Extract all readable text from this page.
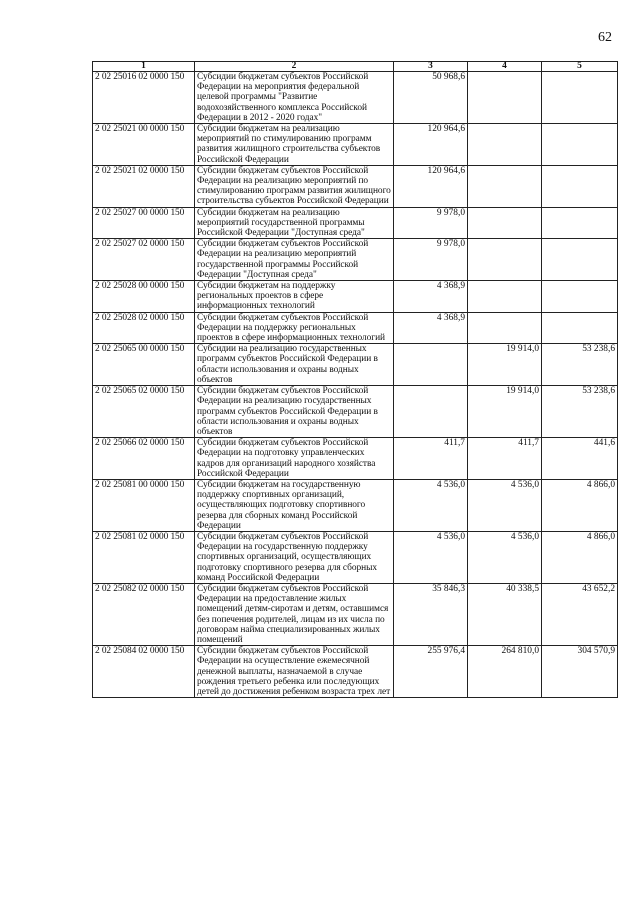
62
1	2	3	4	5
2 02 25016 02 0000 150	Субсидии бюджетам субъектов Российской Федерации на мероприятия федеральной целевой программы "Развитие водохозяйственного комплекса Российской Федерации в 2012 - 2020 годах"	50 968,6		
2 02 25021 00 0000 150	Субсидии бюджетам на реализацию мероприятий по стимулированию программ развития жилищного строительства субъектов Российской Федерации	120 964,6		
2 02 25021 02 0000 150	Субсидии бюджетам субъектов Российской Федерации на реализацию мероприятий по стимулированию программ развития жилищного строительства субъектов Российской Федерации	120 964,6		
2 02 25027 00 0000 150	Субсидии бюджетам на реализацию мероприятий государственной программы Российской Федерации "Доступная среда"	9 978,0		
2 02 25027 02 0000 150	Субсидии бюджетам субъектов Российской Федерации на реализацию мероприятий государственной программы Российской Федерации "Доступная среда"	9 978,0		
2 02 25028 00 0000 150	Субсидии бюджетам на поддержку региональных проектов в сфере информационных технологий	4 368,9		
2 02 25028 02 0000 150	Субсидии бюджетам субъектов Российской Федерации на поддержку региональных проектов в сфере информационных технологий	4 368,9		
2 02 25065 00 0000 150	Субсидии на реализацию государственных программ субъектов Российской Федерации в области использования и охраны водных объектов		19 914,0	53 238,6
2 02 25065 02 0000 150	Субсидии бюджетам субъектов Российской Федерации на реализацию государственных программ субъектов Российской Федерации в области использования и охраны водных объектов		19 914,0	53 238,6
2 02 25066 02 0000 150	Субсидии бюджетам субъектов Российской Федерации на подготовку управленческих кадров для организаций народного хозяйства Российской Федерации	411,7	411,7	441,6
2 02 25081 00 0000 150	Субсидии бюджетам на государственную поддержку спортивных организаций, осуществляющих подготовку спортивного резерва для сборных команд Российской Федерации	4 536,0	4 536,0	4 866,0
2 02 25081 02 0000 150	Субсидии бюджетам субъектов Российской Федерации на государственную поддержку спортивных организаций, осуществляющих подготовку спортивного резерва для сборных команд Российской Федерации	4 536,0	4 536,0	4 866,0
2 02 25082 02 0000 150	Субсидии бюджетам субъектов Российской Федерации на предоставление жилых помещений детям-сиротам и детям, оставшимся без попечения родителей, лицам из их числа по договорам найма специализированных жилых помещений	35 846,3	40 338,5	43 652,2
2 02 25084 02 0000 150	Субсидии бюджетам субъектов Российской Федерации на осуществление ежемесячной денежной выплаты, назначаемой в случае рождения третьего ребенка или последующих детей до достижения ребенком возраста трех лет	255 976,4	264 810,0	304 570,9
